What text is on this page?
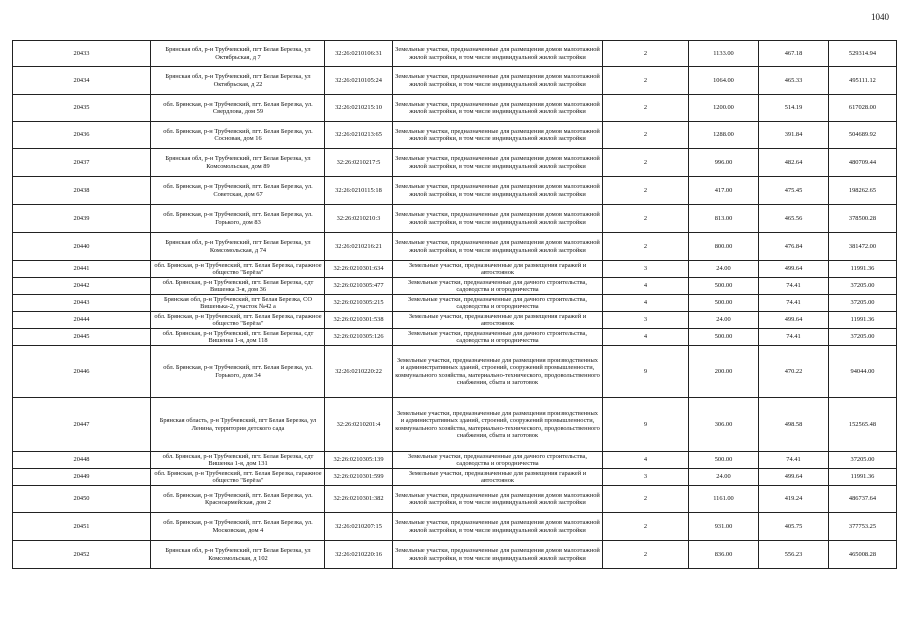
1040
20433	Брянская обл, р-н Трубчевский, пгт Белая Березка, ул Октябрьская, д 7	32:26:0210106:31	Земельные участки, предназначенные для размещения домов малоэтажной жилой застройки, в том числе индивидуальной жилой застройки	2	1133.00	467.18	529314.94
20434	Брянская обл, р-н Трубчевский, пгт Белая Березка, ул Октябрьская, д 22	32:26:0210105:24	Земельные участки, предназначенные для размещения домов малоэтажной жилой застройки, в том числе индивидуальной жилой застройки	2	1064.00	465.33	495111.12
20435	обл. Брянская, р-н Трубчевский, пгт. Белая Березка, ул. Свердлова, дом 59	32:26:0210215:10	Земельные участки, предназначенные для размещения домов малоэтажной жилой застройки, в том числе индивидуальной жилой застройки	2	1200.00	514.19	617028.00
20436	обл. Брянская, р-н Трубчевский, пгт. Белая Березка, ул. Сосновая, дом 16	32:26:0210213:65	Земельные участки, предназначенные для размещения домов малоэтажной жилой застройки, в том числе индивидуальной жилой застройки	2	1288.00	391.84	504689.92
20437	Брянская обл, р-н Трубчевский, пгт Белая Березка, ул Комсомольская, дом 89	32:26:0210217:5	Земельные участки, предназначенные для размещения домов малоэтажной жилой застройки, в том числе индивидуальной жилой застройки	2	996.00	482.64	480709.44
20438	обл. Брянская, р-н Трубчевский, пгт. Белая Березка, ул. Советская, дом 67	32:26:0210115:18	Земельные участки, предназначенные для размещения домов малоэтажной жилой застройки, в том числе индивидуальной жилой застройки	2	417.00	475.45	198262.65
20439	обл. Брянская, р-н Трубчевский, пгт. Белая Березка, ул. Горького, дом 83	32:26:0210210:3	Земельные участки, предназначенные для размещения домов малоэтажной жилой застройки, в том числе индивидуальной жилой застройки	2	813.00	465.56	378500.28
20440	Брянская обл, р-н Трубчевский, пгт Белая Березка, ул Комсомольская, д 74	32:26:0210216:21	Земельные участки, предназначенные для размещения домов малоэтажной жилой застройки, в том числе индивидуальной жилой застройки	2	800.00	476.84	381472.00
20441	обл. Брянская, р-н Трубчевский, пгт. Белая Березка, гаражное общество "Берёза"	32:26:0210301:634	Земельные участки, предназначенные для размещения гаражей и автостоянок	3	24.00	499.64	11991.36
20442	обл. Брянская, р-н Трубчевский, пгт. Белая Березка, сдт Вишенка 3-я, дом 36	32:26:0210305:477	Земельные участки, предназначенные для дачного строительства, садоводства и огородничества	4	500.00	74.41	37205.00
20443	Брянская обл, р-н Трубчевский, пгт Белая Березка, СО Вишенька-2, участок №42 а	32:26:0210305:215	Земельные участки, предназначенные для дачного строительства, садоводства и огородничества	4	500.00	74.41	37205.00
20444	обл. Брянская, р-н Трубчевский, пгт. Белая Березка, гаражное общество "Берёза"	32:26:0210301:538	Земельные участки, предназначенные для размещения гаражей и автостоянок	3	24.00	499.64	11991.36
20445	обл. Брянская, р-н Трубчевский, пгт. Белая Березка, сдт Вишенка 1-я, дом 118	32:26:0210305:126	Земельные участки, предназначенные для дачного строительства, садоводства и огородничества	4	500.00	74.41	37205.00
20446	обл. Брянская, р-н Трубчевский, пгт. Белая Березка, ул. Горького, дом 34	32:26:0210220:22	Земельные участки, предназначенные для размещения производственных и административных зданий, строений, сооружений промышленности, коммунального хозяйства, материально-технического, продовольственного снабжения, сбыта и заготовок	9	200.00	470.22	94044.00
20447	Брянская область, р-н Трубчевский, пгт Белая Березка, ул Ленина, территория детского сада	32:26:0210201:4	Земельные участки, предназначенные для размещения производственных и административных зданий, строений, сооружений промышленности, коммунального хозяйства, материально-технического, продовольственного снабжения, сбыта и заготовок	9	306.00	498.58	152565.48
20448	обл. Брянская, р-н Трубчевский, пгт. Белая Березка, сдт Вишенка 1-я, дом 131	32:26:0210305:139	Земельные участки, предназначенные для дачного строительства, садоводства и огородничества	4	500.00	74.41	37205.00
20449	обл. Брянская, р-н Трубчевский, пгт. Белая Березка, гаражное общество "Берёза"	32:26:0210301:599	Земельные участки, предназначенные для размещения гаражей и автостоянок	3	24.00	499.64	11991.36
20450	обл. Брянская, р-н Трубчевский, пгт. Белая Березка, ул. Красноармейская, дом 2	32:26:0210301:382	Земельные участки, предназначенные для размещения домов малоэтажной жилой застройки, в том числе индивидуальной жилой застройки	2	1161.00	419.24	486737.64
20451	обл. Брянская, р-н Трубчевский, пгт. Белая Березка, ул. Московская, дом 4	32:26:0210207:15	Земельные участки, предназначенные для размещения домов малоэтажной жилой застройки, в том числе индивидуальной жилой застройки	2	931.00	405.75	377753.25
20452	Брянская обл, р-н Трубчевский, пгт Белая Березка, ул Комсомольская, д 102	32:26:0210220:16	Земельные участки, предназначенные для размещения домов малоэтажной жилой застройки, в том числе индивидуальной жилой застройки	2	836.00	556.23	465008.28
